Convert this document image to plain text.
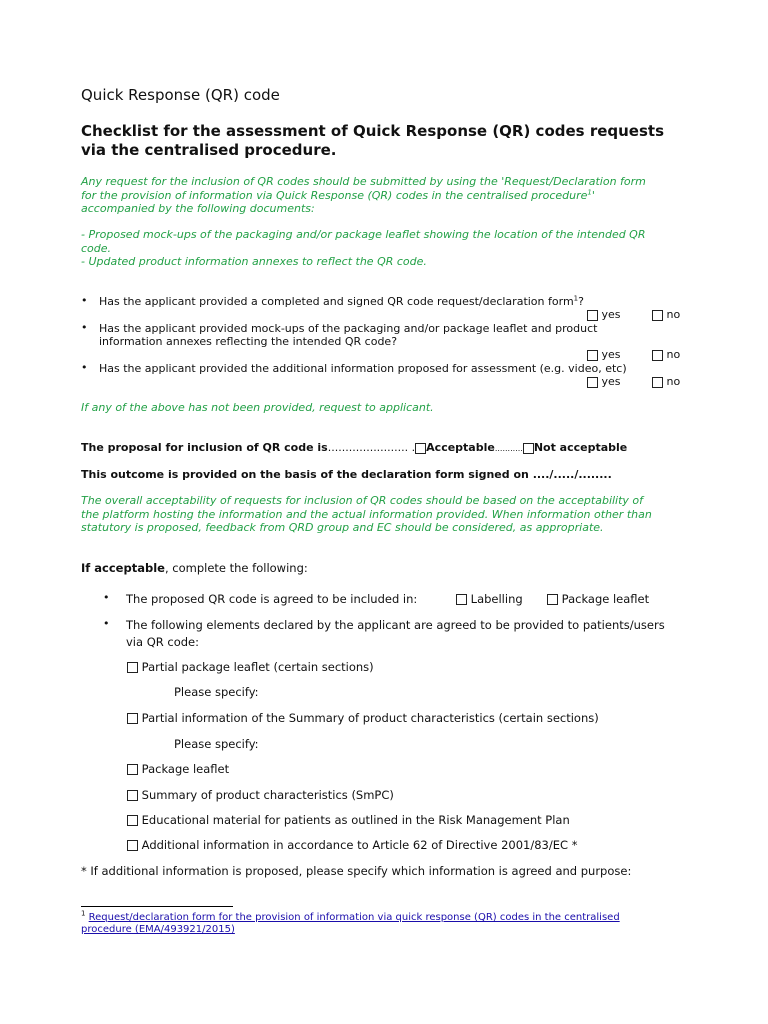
Quick Response (QR) code
Checklist for the assessment of Quick Response (QR) codes requests
via the centralised procedure.
Any request for the inclusion of QR codes should be submitted by using the 'Request/Declaration form
for the provision of information via Quick Response (QR) codes in the centralised procedure$^1$'
accompanied by the following documents:
- Proposed mock-ups of the packaging and/or package leaflet showing the location of the intended QR
code.
- Updated product information annexes to reflect the QR code.
• Has the applicant provided a completed and signed QR code request/declaration form$^1$?
yes	no
• Has the applicant provided mock-ups of the packaging and/or package leaflet and product
information annexes reflecting the intended QR code?
yes	no
• Has the applicant provided the additional information proposed for assessment (e.g. video, etc)
yes	no
If any of the above has not been provided, request to applicant.
The proposal for inclusion of QR code is....................... . Acceptable........... Not acceptable
This outcome is provided on the basis of the declaration form signed on ..../...../........
The overall acceptability of requests for inclusion of QR codes should be based on the acceptability of
the platform hosting the information and the actual information provided. When information other than
statutory is proposed, feedback from QRD group and EC should be considered, as appropriate.
If acceptable, complete the following:
• The proposed QR code is agreed to be included in:	Labelling	Package leaflet
• The following elements declared by the applicant are agreed to be provided to patients/users
via QR code:
Partial package leaflet (certain sections)
Please specify:
Partial information of the Summary of product characteristics (certain sections)
Please specify:
Package leaflet
Summary of product characteristics (SmPC)
Educational material for patients as outlined in the Risk Management Plan
Additional information in accordance to Article 62 of Directive 2001/83/EC *
* If additional information is proposed, please specify which information is agreed and purpose:
$^1$ Request/declaration form for the provision of information via quick response (QR) codes in the centralised
procedure (EMA/493921/2015)
